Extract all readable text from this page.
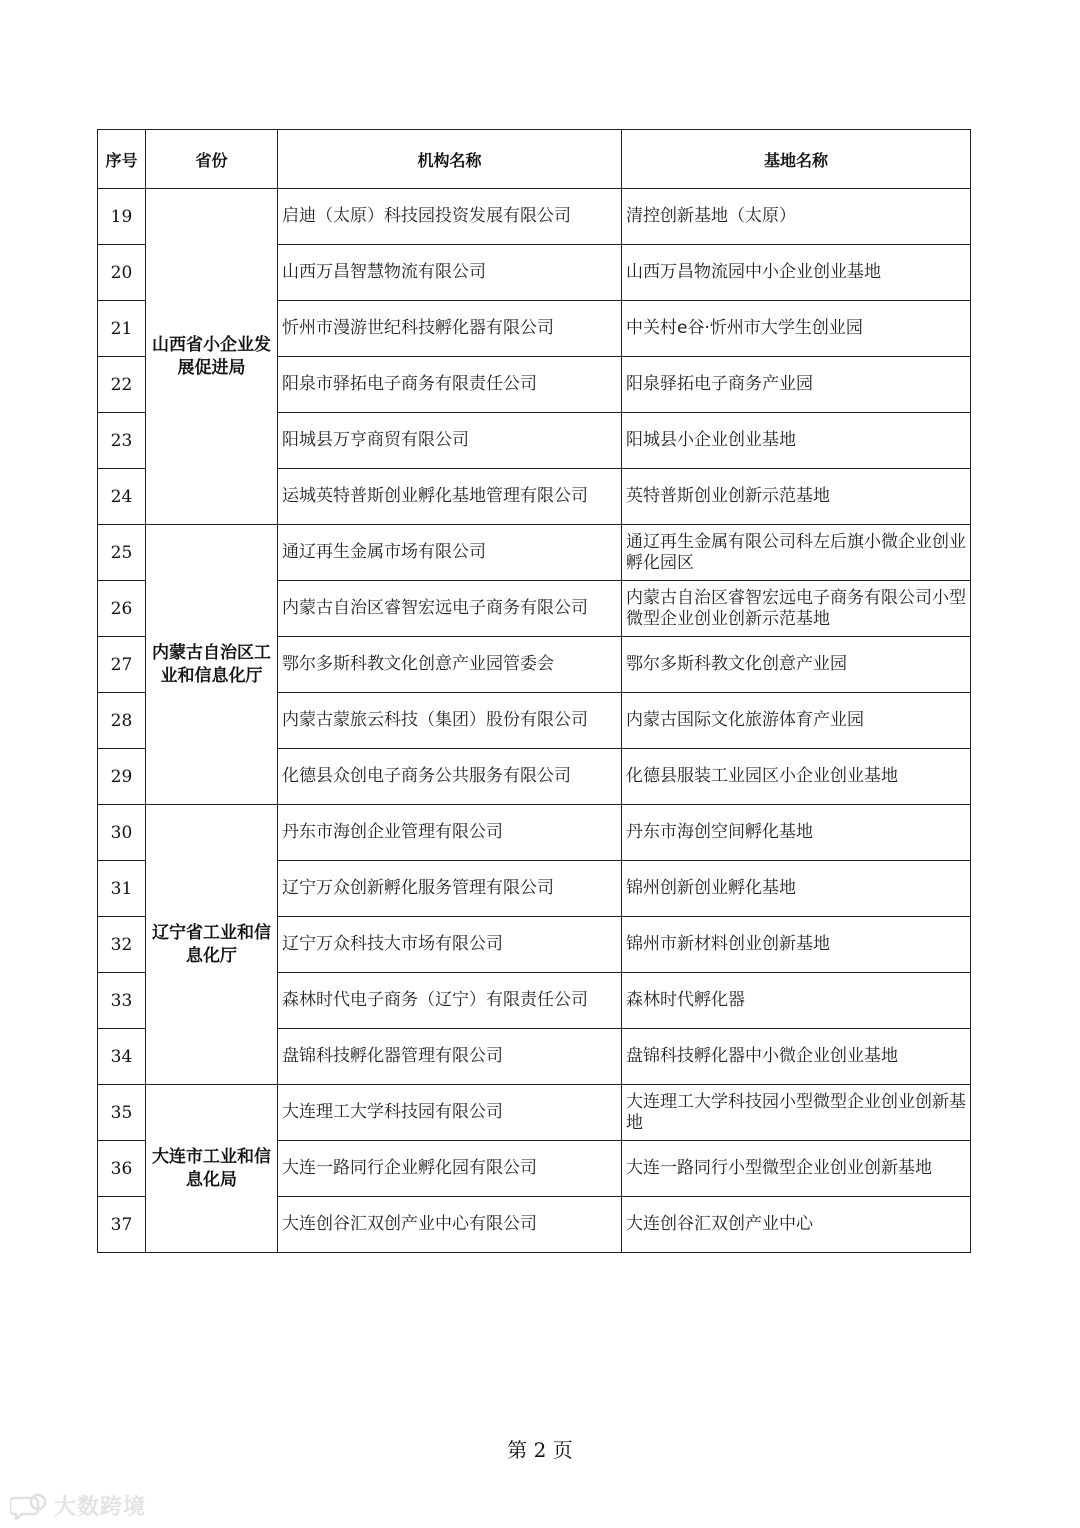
序号	省份	机构名称	基地名称
19	山西省小企业发展促进局	启迪（太原）科技园投资发展有限公司	清控创新基地（太原）
20		山西万昌智慧物流有限公司	山西万昌物流园中小企业创业基地
21		忻州市漫游世纪科技孵化器有限公司	中关村e谷·忻州市大学生创业园
22		阳泉市驿拓电子商务有限责任公司	阳泉驿拓电子商务产业园
23		阳城县万亨商贸有限公司	阳城县小企业创业基地
24		运城英特普斯创业孵化基地管理有限公司	英特普斯创业创新示范基地
25	内蒙古自治区工业和信息化厅	通辽再生金属市场有限公司	通辽再生金属有限公司科左后旗小微企业创业孵化园区
26		内蒙古自治区睿智宏远电子商务有限公司	内蒙古自治区睿智宏远电子商务有限公司小型微型企业创业创新示范基地
27		鄂尔多斯科教文化创意产业园管委会	鄂尔多斯科教文化创意产业园
28		内蒙古蒙旅云科技（集团）股份有限公司	内蒙古国际文化旅游体育产业园
29		化德县众创电子商务公共服务有限公司	化德县服装工业园区小企业创业基地
30	辽宁省工业和信息化厅	丹东市海创企业管理有限公司	丹东市海创空间孵化基地
31		辽宁万众创新孵化服务管理有限公司	锦州创新创业孵化基地
32		辽宁万众科技大市场有限公司	锦州市新材料创业创新基地
33		森林时代电子商务（辽宁）有限责任公司	森林时代孵化器
34		盘锦科技孵化器管理有限公司	盘锦科技孵化器中小微企业创业基地
35	大连市工业和信息化局	大连理工大学科技园有限公司	大连理工大学科技园小型微型企业创业创新基地
36		大连一路同行企业孵化园有限公司	大连一路同行小型微型企业创业创新基地
37		大连创谷汇双创产业中心有限公司	大连创谷汇双创产业中心
第 2 页
大数跨境
